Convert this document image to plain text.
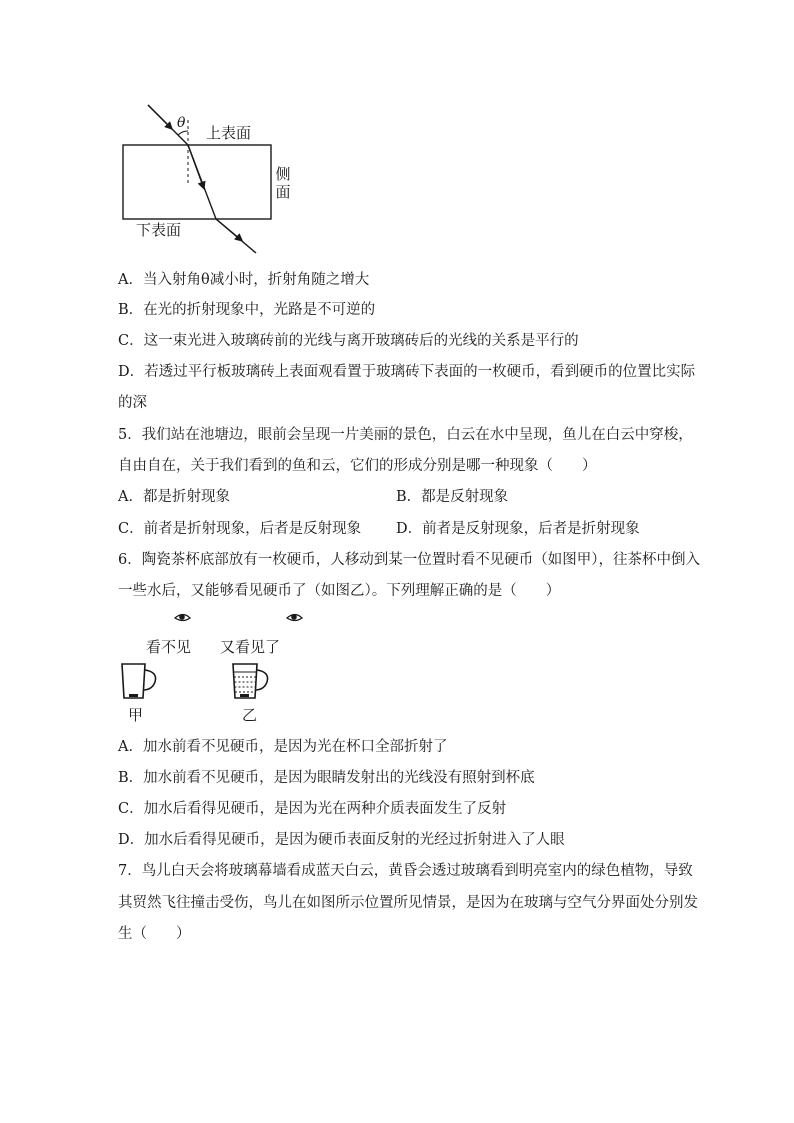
θ
上表面
侧
面
下表面
A．当入射角θ减小时，折射角随之增大
B．在光的折射现象中，光路是不可逆的
C．这一束光进入玻璃砖前的光线与离开玻璃砖后的光线的关系是平行的
D．若透过平行板玻璃砖上表面观看置于玻璃砖下表面的一枚硬币，看到硬币的位置比实际
的深
5．我们站在池塘边，眼前会呈现一片美丽的景色，白云在水中呈现，鱼儿在白云中穿梭，
自由自在，关于我们看到的鱼和云，它们的形成分别是哪一种现象（　　）
A．都是折射现象	B．都是反射现象
C．前者是折射现象，后者是反射现象 D．前者是反射现象，后者是折射现象
6．陶瓷茶杯底部放有一枚硬币，人移动到某一位置时看不见硬币（如图甲），往茶杯中倒入
一些水后，又能够看见硬币了（如图乙）。下列理解正确的是（　　）
看不见 又看见了
甲	乙
A．加水前看不见硬币，是因为光在杯口全部折射了
B．加水前看不见硬币，是因为眼睛发射出的光线没有照射到杯底
C．加水后看得见硬币，是因为光在两种介质表面发生了反射
D．加水后看得见硬币，是因为硬币表面反射的光经过折射进入了人眼
7．鸟儿白天会将玻璃幕墙看成蓝天白云，黄昏会透过玻璃看到明亮室内的绿色植物，导致
其贸然飞往撞击受伤，鸟儿在如图所示位置所见情景，是因为在玻璃与空气分界面处分别发
生（　　）
